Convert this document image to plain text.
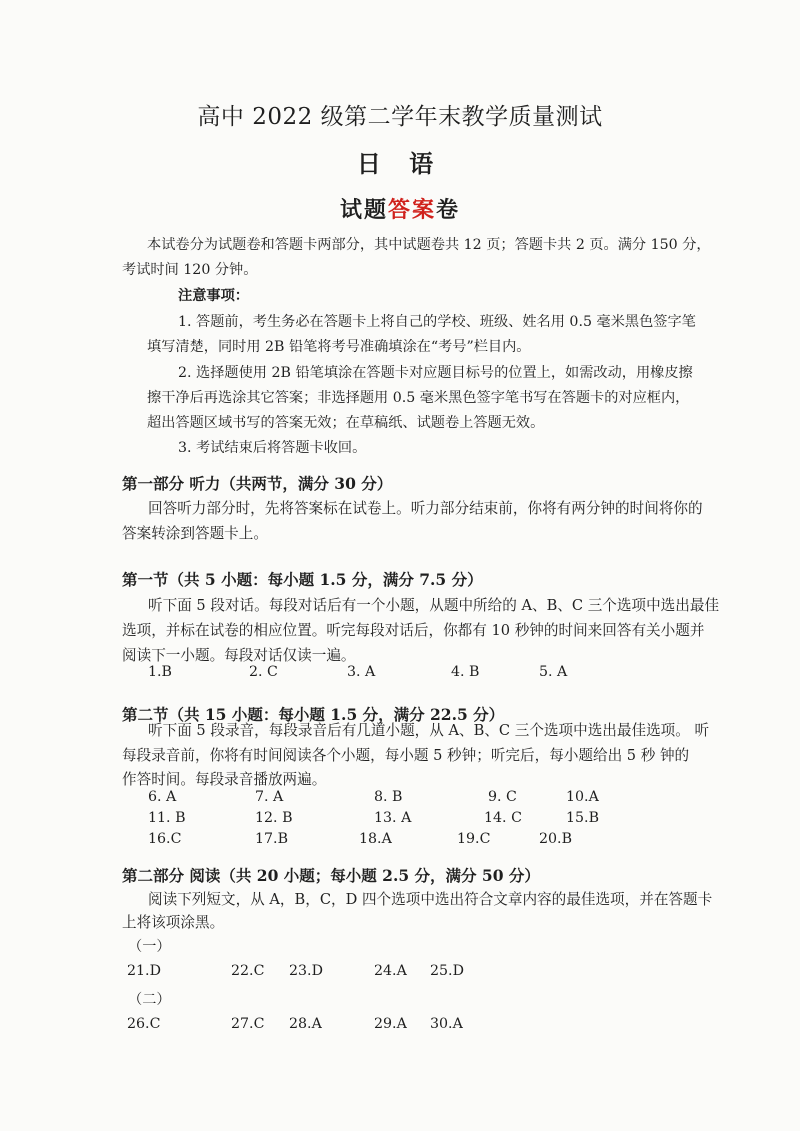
高中 2022 级第二学年末教学质量测试
日 语
试题答案卷
本试卷分为试题卷和答题卡两部分，其中试题卷共 12 页；答题卡共 2 页。满分 150 分，
考试时间 120 分钟。
注意事项：
1. 答题前，考生务必在答题卡上将自己的学校、班级、姓名用 0.5 毫米黑色签字笔
填写清楚，同时用 2B 铅笔将考号准确填涂在“考号”栏目内。
2. 选择题使用 2B 铅笔填涂在答题卡对应题目标号的位置上，如需改动，用橡皮擦
擦干净后再选涂其它答案；非选择题用 0.5 毫米黑色签字笔书写在答题卡的对应框内，
超出答题区域书写的答案无效；在草稿纸、试题卷上答题无效。
3. 考试结束后将答题卡收回。
第一部分 听力（共两节，满分 30 分）
回答听力部分时，先将答案标在试卷上。听力部分结束前，你将有两分钟的时间将你的
答案转涂到答题卡上。
第一节（共 5 小题：每小题 1.5 分，满分 7.5 分）
听下面 5 段对话。每段对话后有一个小题，从题中所给的 A、B、C 三个选项中选出最佳
选项，并标在试卷的相应位置。听完每段对话后，你都有 10 秒钟的时间来回答有关小题并
阅读下一小题。每段对话仅读一遍。
1.B	2. C	3. A	4. B	5. A
第二节（共 15 小题：每小题 1.5 分，满分 22.5 分）
听下面 5 段录音，每段录音后有几道小题，从 A、B、C 三个选项中选出最佳选项。 听
每段录音前，你将有时间阅读各个小题，每小题 5 秒钟；听完后，每小题给出 5 秒 钟的
作答时间。每段录音播放两遍。
6. A	7. A	8. B	9. C	10.A
11. B	12. B	13. A	14. C	15.B
16.C	17.B	18.A	19.C	20.B
第二部分 阅读（共 20 小题；每小题 2.5 分，满分 50 分）
阅读下列短文，从 A，B，C，D 四个选项中选出符合文章内容的最佳选项，并在答题卡
上将该项涂黑。
（一）
21.D	22.C 23.D	24.A 25.D
（二）
26.C	27.C 28.A	29.A 30.A
